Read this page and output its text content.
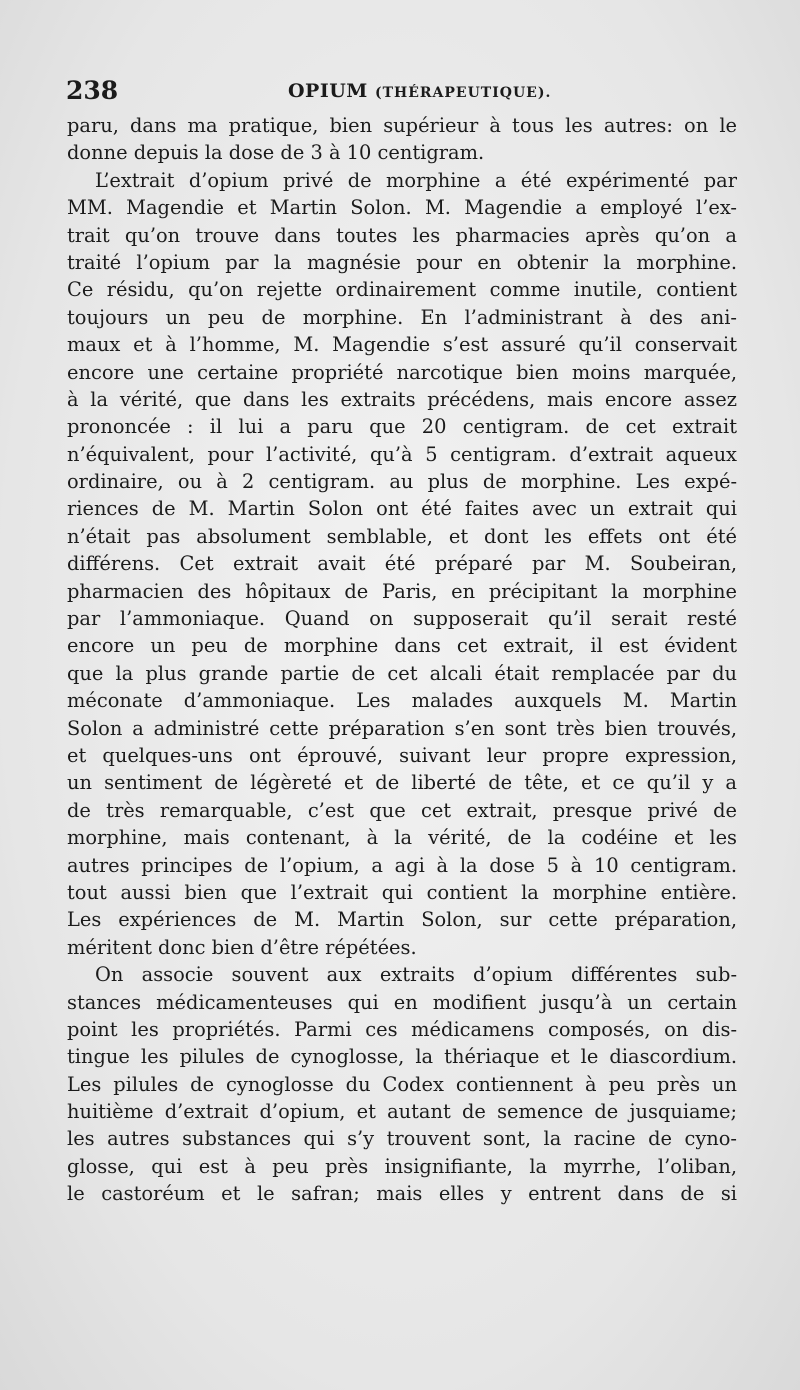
238	OPIUM (THÉRAPEUTIQUE).
paru, dans ma pratique, bien supérieur à tous les autres: on le
donne depuis la dose de 3 à 10 centigram.
L’extrait d’opium privé de morphine a été expérimenté par
MM. Magendie et Martin Solon. M. Magendie a employé l’ex-
trait qu’on trouve dans toutes les pharmacies après qu’on a
traité l’opium par la magnésie pour en obtenir la morphine.
Ce résidu, qu’on rejette ordinairement comme inutile, contient
toujours un peu de morphine. En l’administrant à des ani-
maux et à l’homme, M. Magendie s’est assuré qu’il conservait
encore une certaine propriété narcotique bien moins marquée,
à la vérité, que dans les extraits précédens, mais encore assez
prononcée : il lui a paru que 20 centigram. de cet extrait
n’équivalent, pour l’activité, qu’à 5 centigram. d’extrait aqueux
ordinaire, ou à 2 centigram. au plus de morphine. Les expé-
riences de M. Martin Solon ont été faites avec un extrait qui
n’était pas absolument semblable, et dont les effets ont été
différens. Cet extrait avait été préparé par M. Soubeiran,
pharmacien des hôpitaux de Paris, en précipitant la morphine
par l’ammoniaque. Quand on supposerait qu’il serait resté
encore un peu de morphine dans cet extrait, il est évident
que la plus grande partie de cet alcali était remplacée par du
méconate d’ammoniaque. Les malades auxquels M. Martin
Solon a administré cette préparation s’en sont très bien trouvés,
et quelques-uns ont éprouvé, suivant leur propre expression,
un sentiment de légèreté et de liberté de tête, et ce qu’il y a
de très remarquable, c’est que cet extrait, presque privé de
morphine, mais contenant, à la vérité, de la codéine et les
autres principes de l’opium, a agi à la dose 5 à 10 centigram.
tout aussi bien que l’extrait qui contient la morphine entière.
Les expériences de M. Martin Solon, sur cette préparation,
méritent donc bien d’être répétées.
On associe souvent aux extraits d’opium différentes sub-
stances médicamenteuses qui en modifient jusqu’à un certain
point les propriétés. Parmi ces médicamens composés, on dis-
tingue les pilules de cynoglosse, la thériaque et le diascordium.
Les pilules de cynoglosse du Codex contiennent à peu près un
huitième d’extrait d’opium, et autant de semence de jusquiame;
les autres substances qui s’y trouvent sont, la racine de cyno-
glosse, qui est à peu près insignifiante, la myrrhe, l’oliban,
le castoréum et le safran; mais elles y entrent dans de si
